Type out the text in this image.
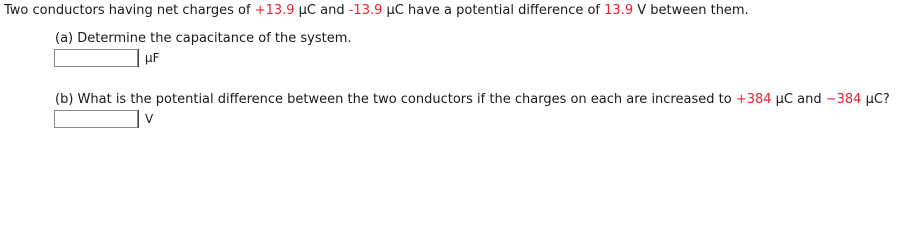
Two conductors having net charges of +13.9 μC and -13.9 μC have a potential difference of 13.9 V between them.
(a) Determine the capacitance of the system.
μF
(b) What is the potential difference between the two conductors if the charges on each are increased to +384 μC and −384 μC?
V
